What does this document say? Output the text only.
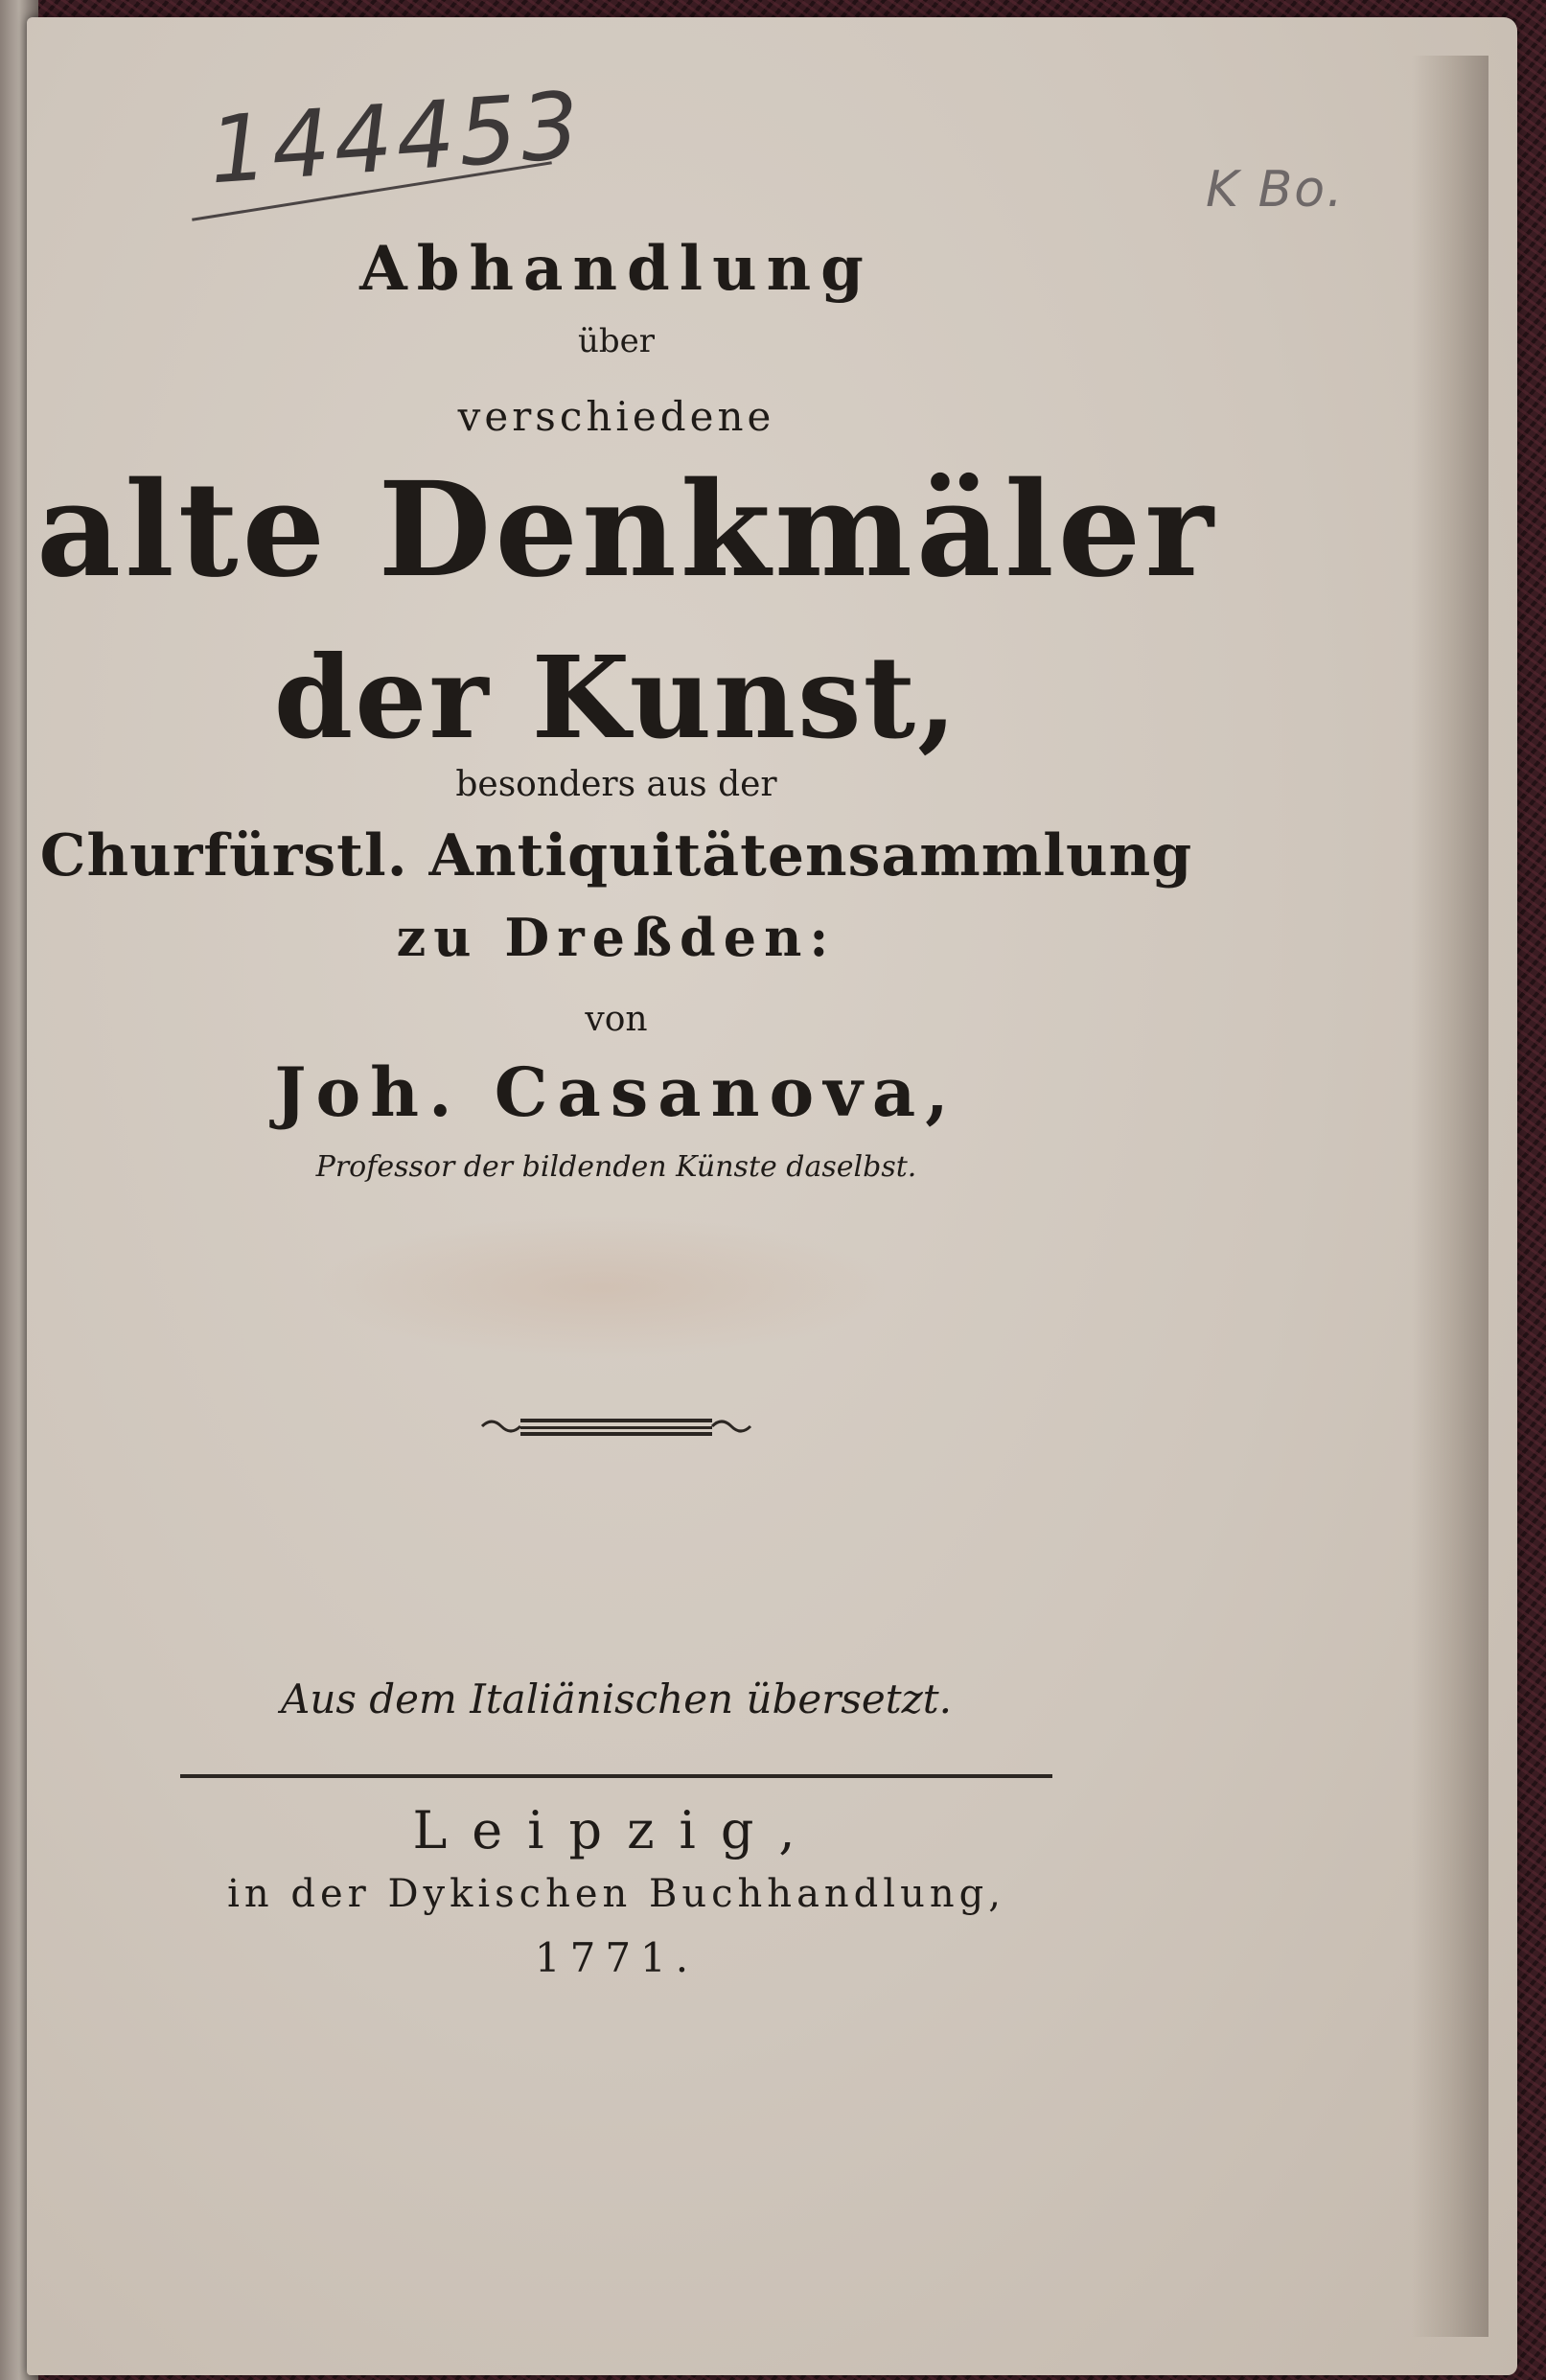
144453	K Bo.
Abhandlung
über
verschiedene
alte Denkmäler
der Kunst,
besonders aus der
Churfürstl. Antiquitätensammlung
zu Dreßden:
von
Joh. Casanova,
Professor der bildenden Künste daselbst.
Aus dem Italiänischen übersetzt.
Leipzig,
in der Dykischen Buchhandlung,
1771.
